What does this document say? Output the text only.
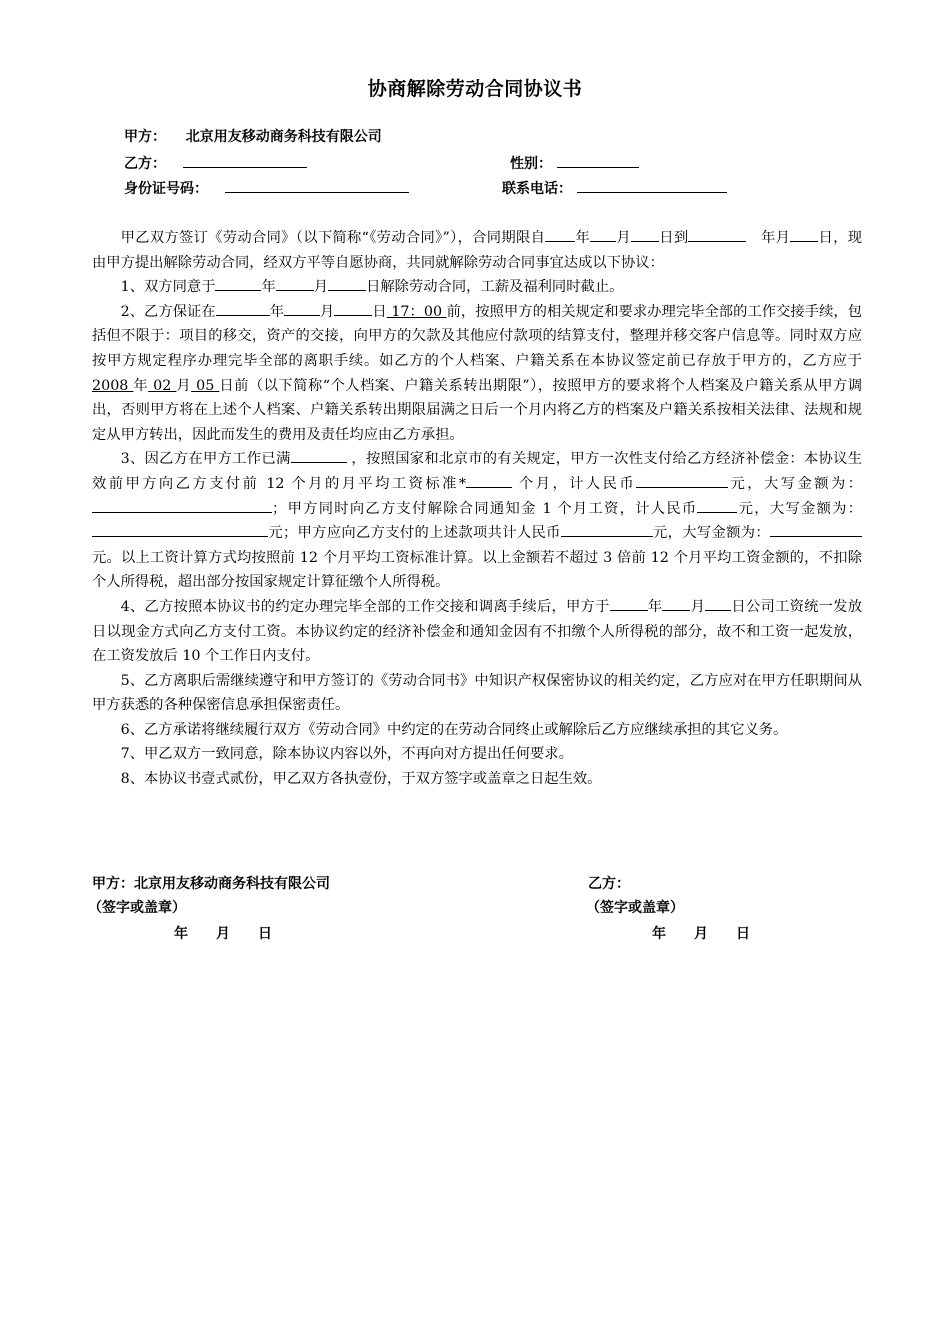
协商解除劳动合同协议书
甲方： 北京用友移动商务科技有限公司
乙方：	性别：
身份证号码：	联系电话：

甲乙双方签订《劳动合同》（以下简称“《劳动合同》”），合同期限自 年 月 日到	年月 日，现由甲方提出解除劳动合同，经双方平等自愿协商，共同就解除劳动合同事宜达成以下协议：

1、双方同意于	年	月	日解除劳动合同，工薪及福利同时截止。

2、乙方保证在	年	月	日 17：00 前，按照甲方的相关规定和要求办理完毕全部的工作交接手续，包括但不限于：项目的移交，资产的交接，向甲方的欠款及其他应付款项的结算支付，整理并移交客户信息等。同时双方应按甲方规定程序办理完毕全部的离职手续。如乙方的个人档案、户籍关系在本协议签定前已存放于甲方的，乙方应于 2008 年 02 月 05 日前（以下简称“个人档案、户籍关系转出期限”），按照甲方的要求将个人档案及户籍关系从甲方调出，否则甲方将在上述个人档案、户籍关系转出期限届满之日后一个月内将乙方的档案及户籍关系按相关法律、法规和规定从甲方转出，因此而发生的费用及责任均应由乙方承担。

3、因乙方在甲方工作已满	，按照国家和北京市的有关规定，甲方一次性支付给乙方经济补偿金：本协议生效前甲方向乙方支付前 12 个月的月平均工资标准*	个月，计人民币	元，大写金额为：；甲方同时向乙方支付解除合同通知金 1 个月工资，计人民币	元，大写金额为：元；甲方应向乙方支付的上述款项共计人民币	元，大写金额为：元。以上工资计算方式均按照前 12 个月平均工资标准计算。以上金额若不超过 3 倍前 12 个月平均工资金额的，不扣除个人所得税，超出部分按国家规定计算征缴个人所得税。

4、乙方按照本协议书的约定办理完毕全部的工作交接和调离手续后，甲方于	年 月 日公司工资统一发放日以现金方式向乙方支付工资。本协议约定的经济补偿金和通知金因有不扣缴个人所得税的部分，故不和工资一起发放，在工资发放后 10 个工作日内支付。

5、乙方离职后需继续遵守和甲方签订的《劳动合同书》中知识产权保密协议的相关约定，乙方应对在甲方任职期间从甲方获悉的各种保密信息承担保密责任。

6、乙方承诺将继续履行双方《劳动合同》中约定的在劳动合同终止或解除后乙方应继续承担的其它义务。

7、甲乙双方一致同意，除本协议内容以外，不再向对方提出任何要求。

8、本协议书壹式贰份，甲乙双方各执壹份，于双方签字或盖章之日起生效。

甲方：北京用友移动商务科技有限公司
（签字或盖章）
年 月 日
乙方：
（签字或盖章）
年 月 日
